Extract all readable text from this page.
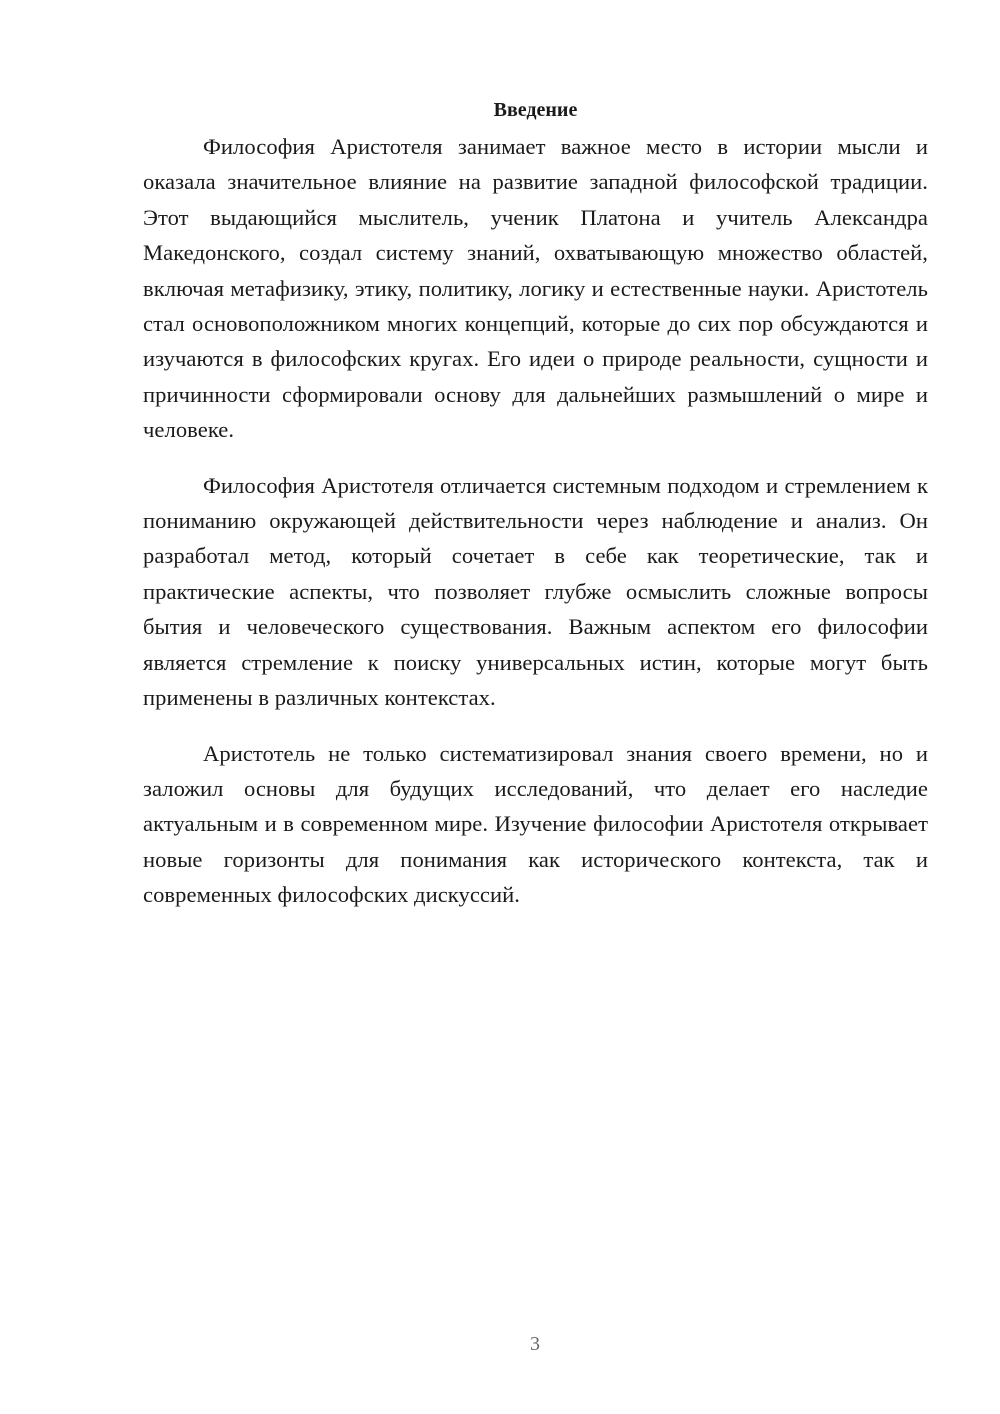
Введение

Философия Аристотеля занимает важное место в истории мысли и оказала значительное влияние на развитие западной философской традиции. Этот выдающийся мыслитель, ученик Платона и учитель Александра Македонского, создал систему знаний, охватывающую множество областей, включая метафизику, этику, политику, логику и естественные науки. Аристотель стал основоположником многих концепций, которые до сих пор обсуждаются и изучаются в философских кругах. Его идеи о природе реальности, сущности и причинности сформировали основу для дальнейших размышлений о мире и человеке.

Философия Аристотеля отличается системным подходом и стремлением к пониманию окружающей действительности через наблюдение и анализ. Он разработал метод, который сочетает в себе как теоретические, так и практические аспекты, что позволяет глубже осмыслить сложные вопросы бытия и человеческого существования. Важным аспектом его философии является стремление к поиску универсальных истин, которые могут быть применены в различных контекстах.

Аристотель не только систематизировал знания своего времени, но и заложил основы для будущих исследований, что делает его наследие актуальным и в современном мире. Изучение философии Аристотеля открывает новые горизонты для понимания как исторического контекста, так и современных философских дискуссий.

3
